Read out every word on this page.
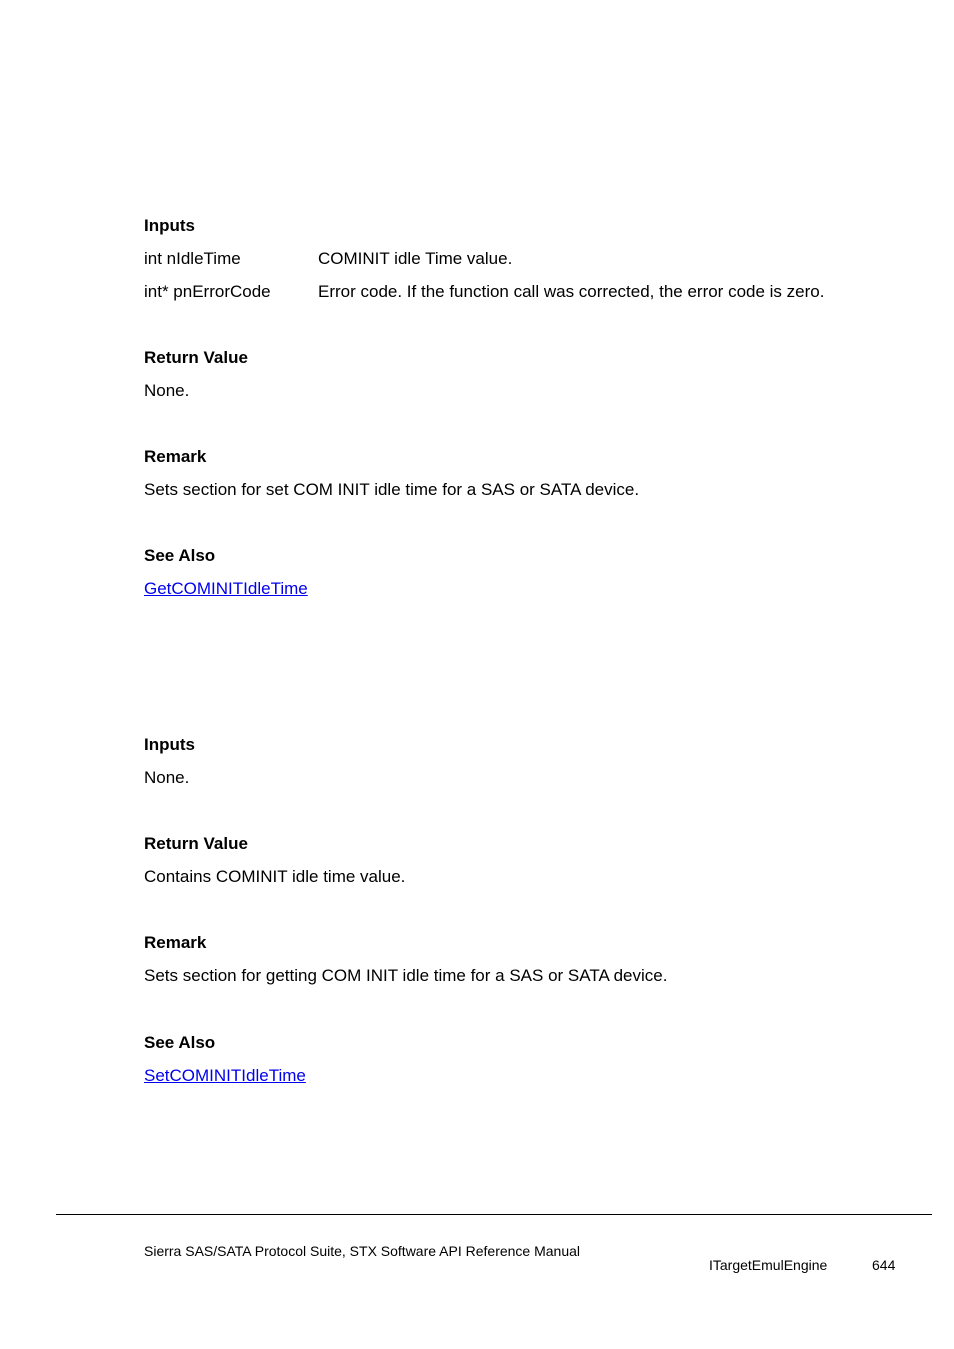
Inputs
int nIdleTime	COMINIT idle Time value.
int* pnErrorCode	Error code. If the function call was corrected, the error code is zero.
Return Value
None.
Remark
Sets section for set COM INIT idle time for a SAS or SATA device.
See Also
GetCOMINITIdleTime
Inputs
None.
Return Value
Contains COMINIT idle time value.
Remark
Sets section for getting COM INIT idle time for a SAS or SATA device.
See Also
SetCOMINITIdleTime
Sierra SAS/SATA Protocol Suite, STX Software API Reference Manual
ITargetEmulEngine	644
